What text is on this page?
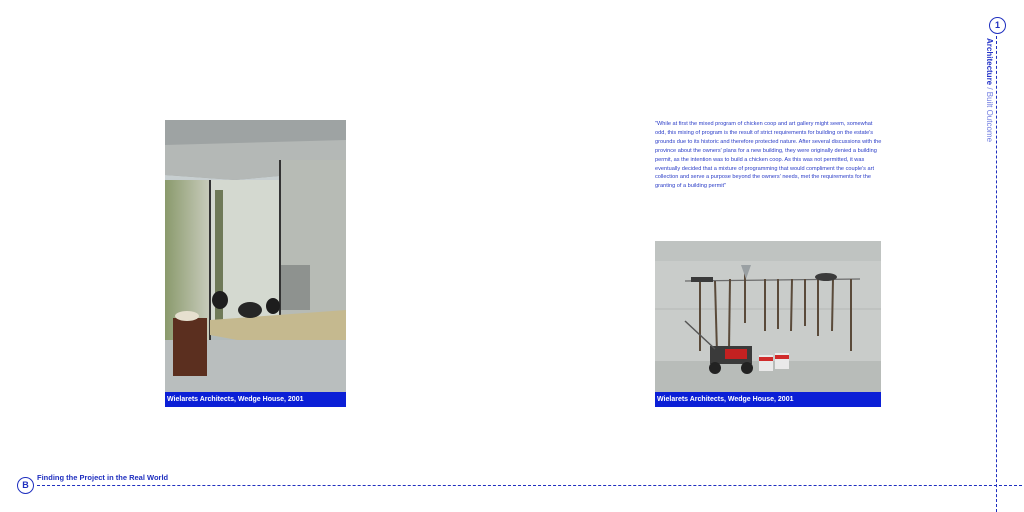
Architecture / Built Outcome
1
B
Finding the Project in the Real World
Wielarets Architects, Wedge House, 2001
"While at first the mixed program of chicken coop and art gallery might seem, somewhat odd, this mixing of program is the result of strict requirements for building on the estate's grounds due to its historic and therefore protected nature. After several discussions with the province about the owners' plans for a new building, they were originally denied a building permit, as the intention was to build a chicken coop. As this was not permitted, it was eventually decided that a mixture of programming that would compliment the couple's art collection and serve a purpose beyond the owners' needs, met the requirements for the granting of a building permit"
Wielarets Architects, Wedge House, 2001
